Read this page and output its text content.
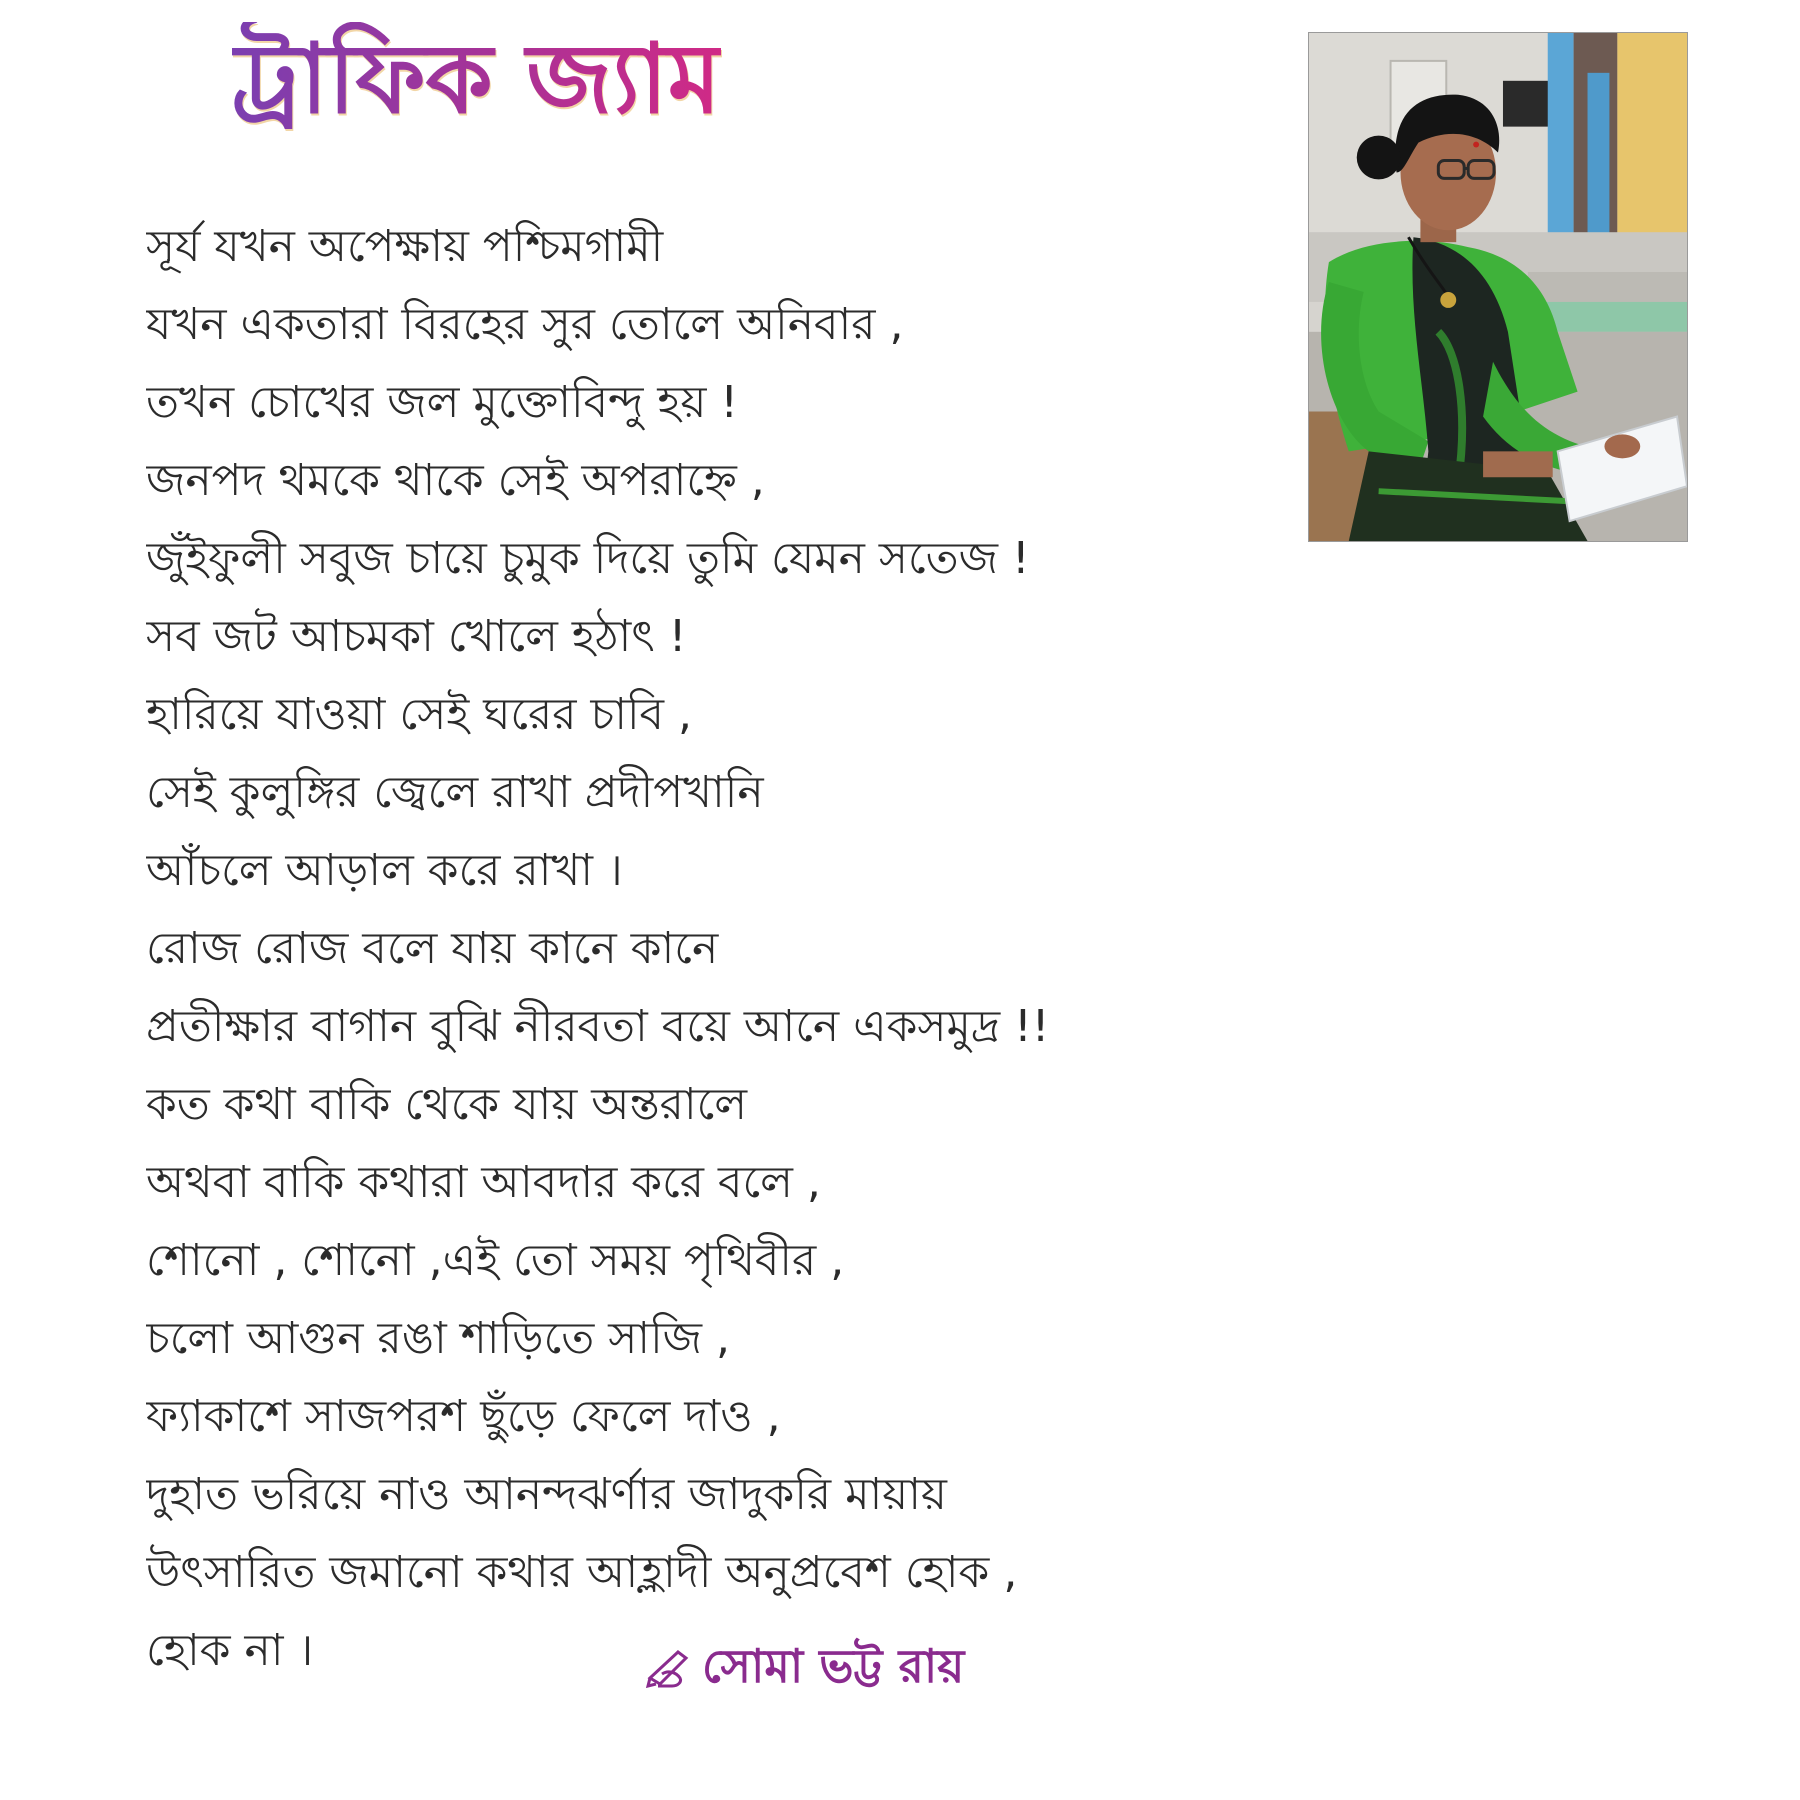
ট্রাফিক জ্যাম
সূর্য যখন অপেক্ষায় পশ্চিমগামী
যখন একতারা বিরহের সুর তোলে অনিবার ,
তখন চোখের জল মুক্তোবিন্দু হয় !
জনপদ থমকে থাকে সেই অপরাহ্নে ,
জুঁইফুলী সবুজ চায়ে চুমুক দিয়ে তুমি যেমন সতেজ !
সব জট আচমকা খোলে হঠাৎ !
হারিয়ে যাওয়া সেই ঘরের চাবি ,
সেই কুলুঙ্গির জ্বেলে রাখা প্রদীপখানি
আঁচলে আড়াল করে রাখা ।
রোজ রোজ বলে যায় কানে কানে
প্রতীক্ষার বাগান বুঝি নীরবতা বয়ে আনে একসমুদ্র !!
কত কথা বাকি থেকে যায় অন্তরালে
অথবা বাকি কথারা আবদার করে বলে ,
শোনো , শোনো ,এই তো সময় পৃথিবীর ,
চলো আগুন রঙা শাড়িতে সাজি ,
ফ্যাকাশে সাজপরশ ছুঁড়ে ফেলে দাও ,
দুহাত ভরিয়ে নাও আনন্দঝর্ণার জাদুকরি মায়ায়
উৎসারিত জমানো কথার আহ্লাদী অনুপ্রবেশ হোক ,
হোক না ।	সোমা ভট্ট রায়
